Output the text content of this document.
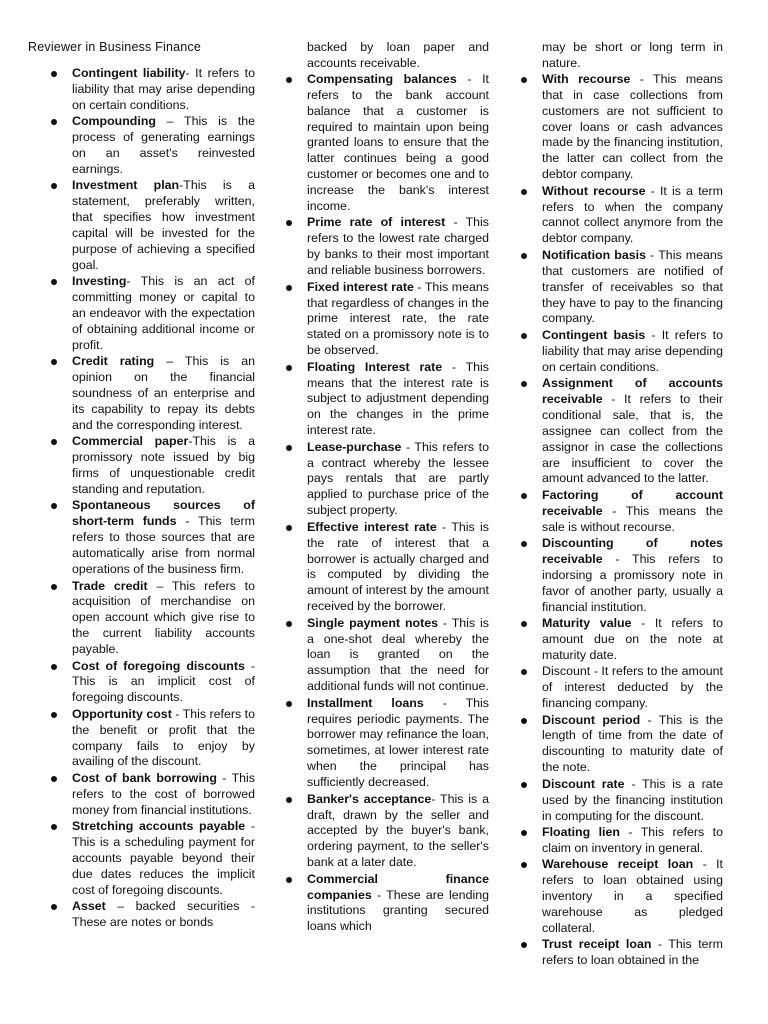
Reviewer in Business Finance
Contingent liability- It refers to liability that may arise depending on certain conditions.
Compounding – This is the process of generating earnings on an asset's reinvested earnings.
Investment plan-This is a statement, preferably written, that specifies how investment capital will be invested for the purpose of achieving a specified goal.
Investing- This is an act of committing money or capital to an endeavor with the expectation of obtaining additional income or profit.
Credit rating – This is an opinion on the financial soundness of an enterprise and its capability to repay its debts and the corresponding interest.
Commercial paper-This is a promissory note issued by big firms of unquestionable credit standing and reputation.
Spontaneous sources of short-term funds - This term refers to those sources that are automatically arise from normal operations of the business firm.
Trade credit – This refers to acquisition of merchandise on open account which give rise to the current liability accounts payable.
Cost of foregoing discounts - This is an implicit cost of foregoing discounts.
Opportunity cost - This refers to the benefit or profit that the company fails to enjoy by availing of the discount.
Cost of bank borrowing - This refers to the cost of borrowed money from financial institutions.
Stretching accounts payable - This is a scheduling payment for accounts payable beyond their due dates reduces the implicit cost of foregoing discounts.
Asset – backed securities - These are notes or bonds

backed by loan paper and accounts receivable.

Compensating balances - It refers to the bank account balance that a customer is required to maintain upon being granted loans to ensure that the latter continues being a good customer or becomes one and to increase the bank's interest income.
Prime rate of interest - This refers to the lowest rate charged by banks to their most important and reliable business borrowers.
Fixed interest rate - This means that regardless of changes in the prime interest rate, the rate stated on a promissory note is to be observed.
Floating Interest rate - This means that the interest rate is subject to adjustment depending on the changes in the prime interest rate.
Lease-purchase - This refers to a contract whereby the lessee pays rentals that are partly applied to purchase price of the subject property.
Effective interest rate - This is the rate of interest that a borrower is actually charged and is computed by dividing the amount of interest by the amount received by the borrower.
Single payment notes - This is a one-shot deal whereby the loan is granted on the assumption that the need for additional funds will not continue.
Installment loans - This requires periodic payments. The borrower may refinance the loan, sometimes, at lower interest rate when the principal has sufficiently decreased.
Banker's acceptance- This is a draft, drawn by the seller and accepted by the buyer's bank, ordering payment, to the seller's bank at a later date.
Commercial finance companies - These are lending institutions granting secured loans which

may be short or long term in nature.

With recourse - This means that in case collections from customers are not sufficient to cover loans or cash advances made by the financing institution, the latter can collect from the debtor company.
Without recourse - It is a term refers to when the company cannot collect anymore from the debtor company.
Notification basis - This means that customers are notified of transfer of receivables so that they have to pay to the financing company.
Contingent basis - It refers to liability that may arise depending on certain conditions.
Assignment of accounts receivable - It refers to their conditional sale, that is, the assignee can collect from the assignor in case the collections are insufficient to cover the amount advanced to the latter.
Factoring of account receivable - This means the sale is without recourse.
Discounting of notes receivable - This refers to indorsing a promissory note in favor of another party, usually a financial institution.
Maturity value - It refers to amount due on the note at maturity date.
Discount - It refers to the amount of interest deducted by the financing company.
Discount period - This is the length of time from the date of discounting to maturity date of the note.
Discount rate - This is a rate used by the financing institution in computing for the discount.
Floating lien - This refers to claim on inventory in general.
Warehouse receipt loan - It refers to loan obtained using inventory in a specified warehouse as pledged collateral.
Trust receipt loan - This term refers to loan obtained in the
